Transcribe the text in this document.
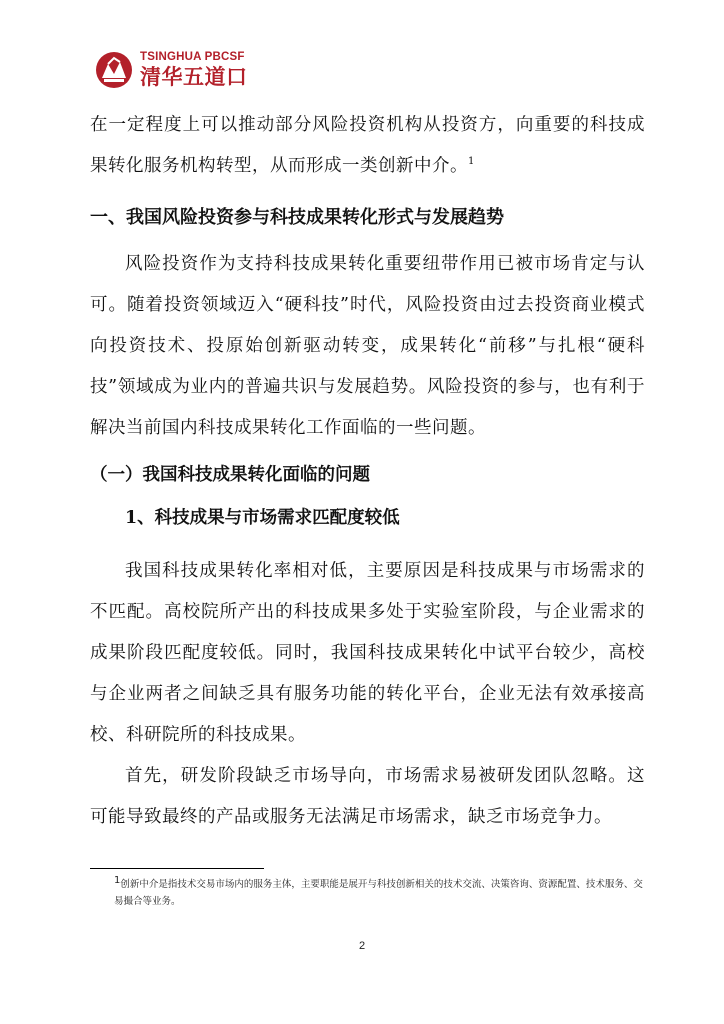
TSINGHUA PBCSF
清华五道口

在一定程度上可以推动部分风险投资机构从投资方，向重要的科技成果转化服务机构转型，从而形成一类创新中介。$^1$

一、我国风险投资参与科技成果转化形式与发展趋势

风险投资作为支持科技成果转化重要纽带作用已被市场肯定与认可。随着投资领域迈入“硬科技”时代，风险投资由过去投资商业模式向投资技术、投原始创新驱动转变，成果转化“前移”与扎根“硬科技”领域成为业内的普遍共识与发展趋势。风险投资的参与，也有利于解决当前国内科技成果转化工作面临的一些问题。

（一）我国科技成果转化面临的问题
1、科技成果与市场需求匹配度较低

我国科技成果转化率相对低，主要原因是科技成果与市场需求的不匹配。高校院所产出的科技成果多处于实验室阶段，与企业需求的成果阶段匹配度较低。同时，我国科技成果转化中试平台较少，高校与企业两者之间缺乏具有服务功能的转化平台，企业无法有效承接高校、科研院所的科技成果。

首先，研发阶段缺乏市场导向，市场需求易被研发团队忽略。这可能导致最终的产品或服务无法满足市场需求，缺乏市场竞争力。

1创新中介是指技术交易市场内的服务主体，主要职能是展开与科技创新相关的技术交流、决策咨询、资源配置、技术服务、交易撮合等业务。
2
